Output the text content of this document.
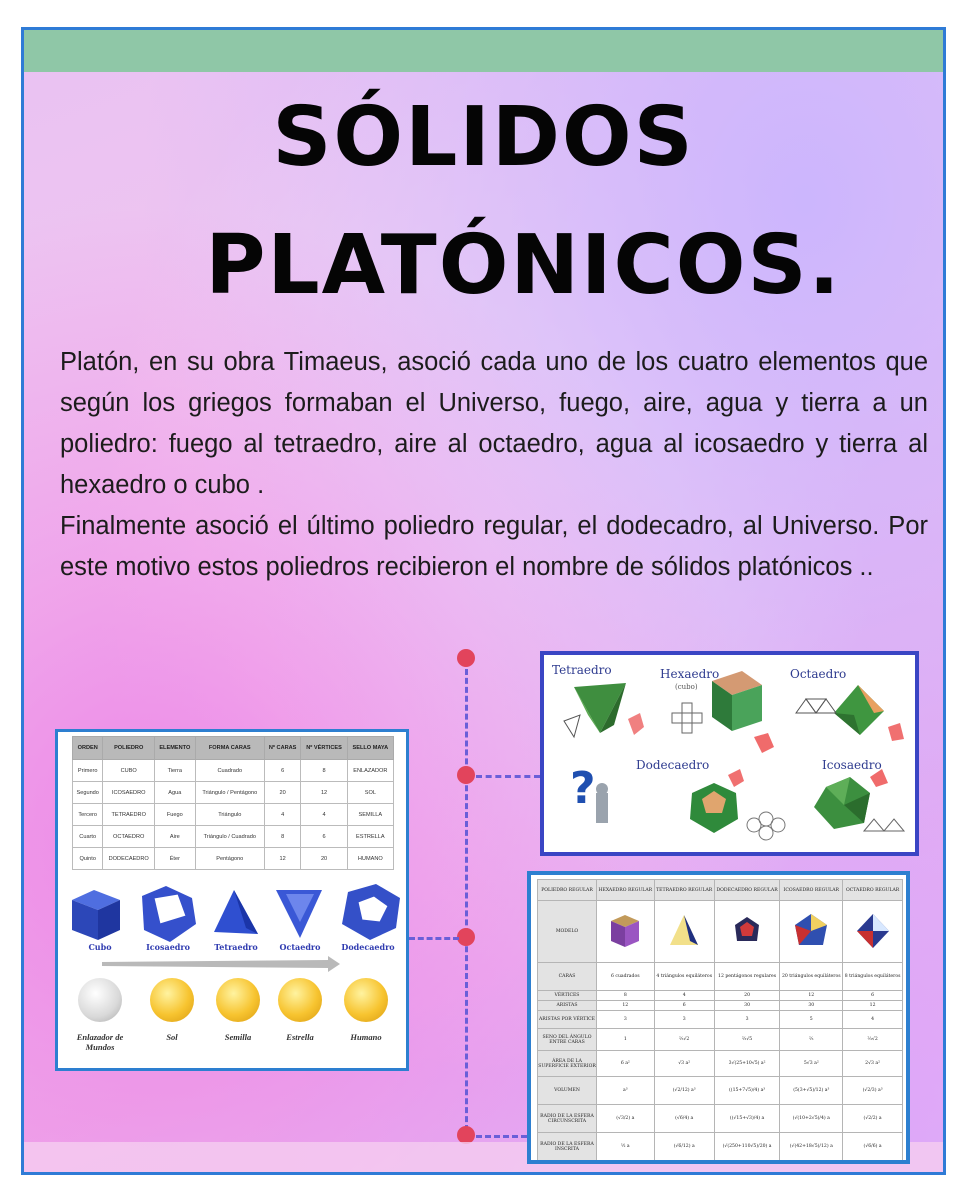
SÓLIDOS
PLATÓNICOS.

Platón, en su obra Timaeus, asoció cada uno de los cuatro elementos que según los griegos formaban el Universo, fuego, aire, agua y tierra a un poliedro: fuego al tetraedro, aire al octaedro, agua al icosaedro y tierra al hexaedro o cubo .

Finalmente asoció el último poliedro regular, el dodecadro, al Universo. Por este motivo estos poliedros recibieron el nombre de sólidos platónicos ..

Tetraedro	Hexaedro
(cubo)
Octaedro
Dodecaedro	Icosaedro
?
ORDEN	POLIEDRO	ELEMENTO	FORMA CARAS	Nº CARAS	Nº VÉRTICES	SELLO MAYA
Primero	CUBO	Tierra	Cuadrado	6	8	ENLAZADOR
Segundo	ICOSAEDRO	Agua	Triángulo / Pentágono	20	12	SOL
Tercero	TETRAEDRO	Fuego	Triángulo	4	4	SEMILLA
Cuarto	OCTAEDRO	Aire	Triángulo / Cuadrado	8	6	ESTRELLA
Quinto	DODECAEDRO	Éter	Pentágono	12	20	HUMANO
Cubo	Icosaedro	Tetraedro	Octaedro	Dodecaedro
Enlazador de Mundos
Sol	Semilla	Estrella	Humano
POLIEDRO REGULAR	HEXAEDRO REGULAR	TETRAEDRO REGULAR	DODECAEDRO REGULAR	ICOSAEDRO REGULAR	OCTAEDRO REGULAR
MODELO					
CARAS	6 cuadrados	4 triángulos equiláteros	12 pentágonos regulares	20 triángulos equiláteros	8 triángulos equiláteros
VÉRTICES	8	4	20	12	6
ARISTAS	12	6	30	30	12
ARISTAS POR VÉRTICE	3	3	3	5	4
SENO DEL ÁNGULO ENTRE CARAS	1	⅔√2	⅔√5	⅔	⅔√2
ÁREA DE LA SUPERFICIE EXTERIOR	6 a²	√3 a²	3√(25+10√5) a²	5√3 a²	2√3 a²
VOLUMEN	a³	(√2/12) a³	((15+7√5)/4) a³	(5(3+√5)/12) a³	(√2/3) a³
RADIO DE LA ESFERA CIRCUNSCRITA	(√3/2) a	(√6/4) a	((√15+√3)/4) a	(√(10+2√5)/4) a	(√2/2) a
RADIO DE LA ESFERA INSCRITA	½ a	(√6/12) a	(√(250+110√5)/20) a	(√(42+18√5)/12) a	(√6/6) a
